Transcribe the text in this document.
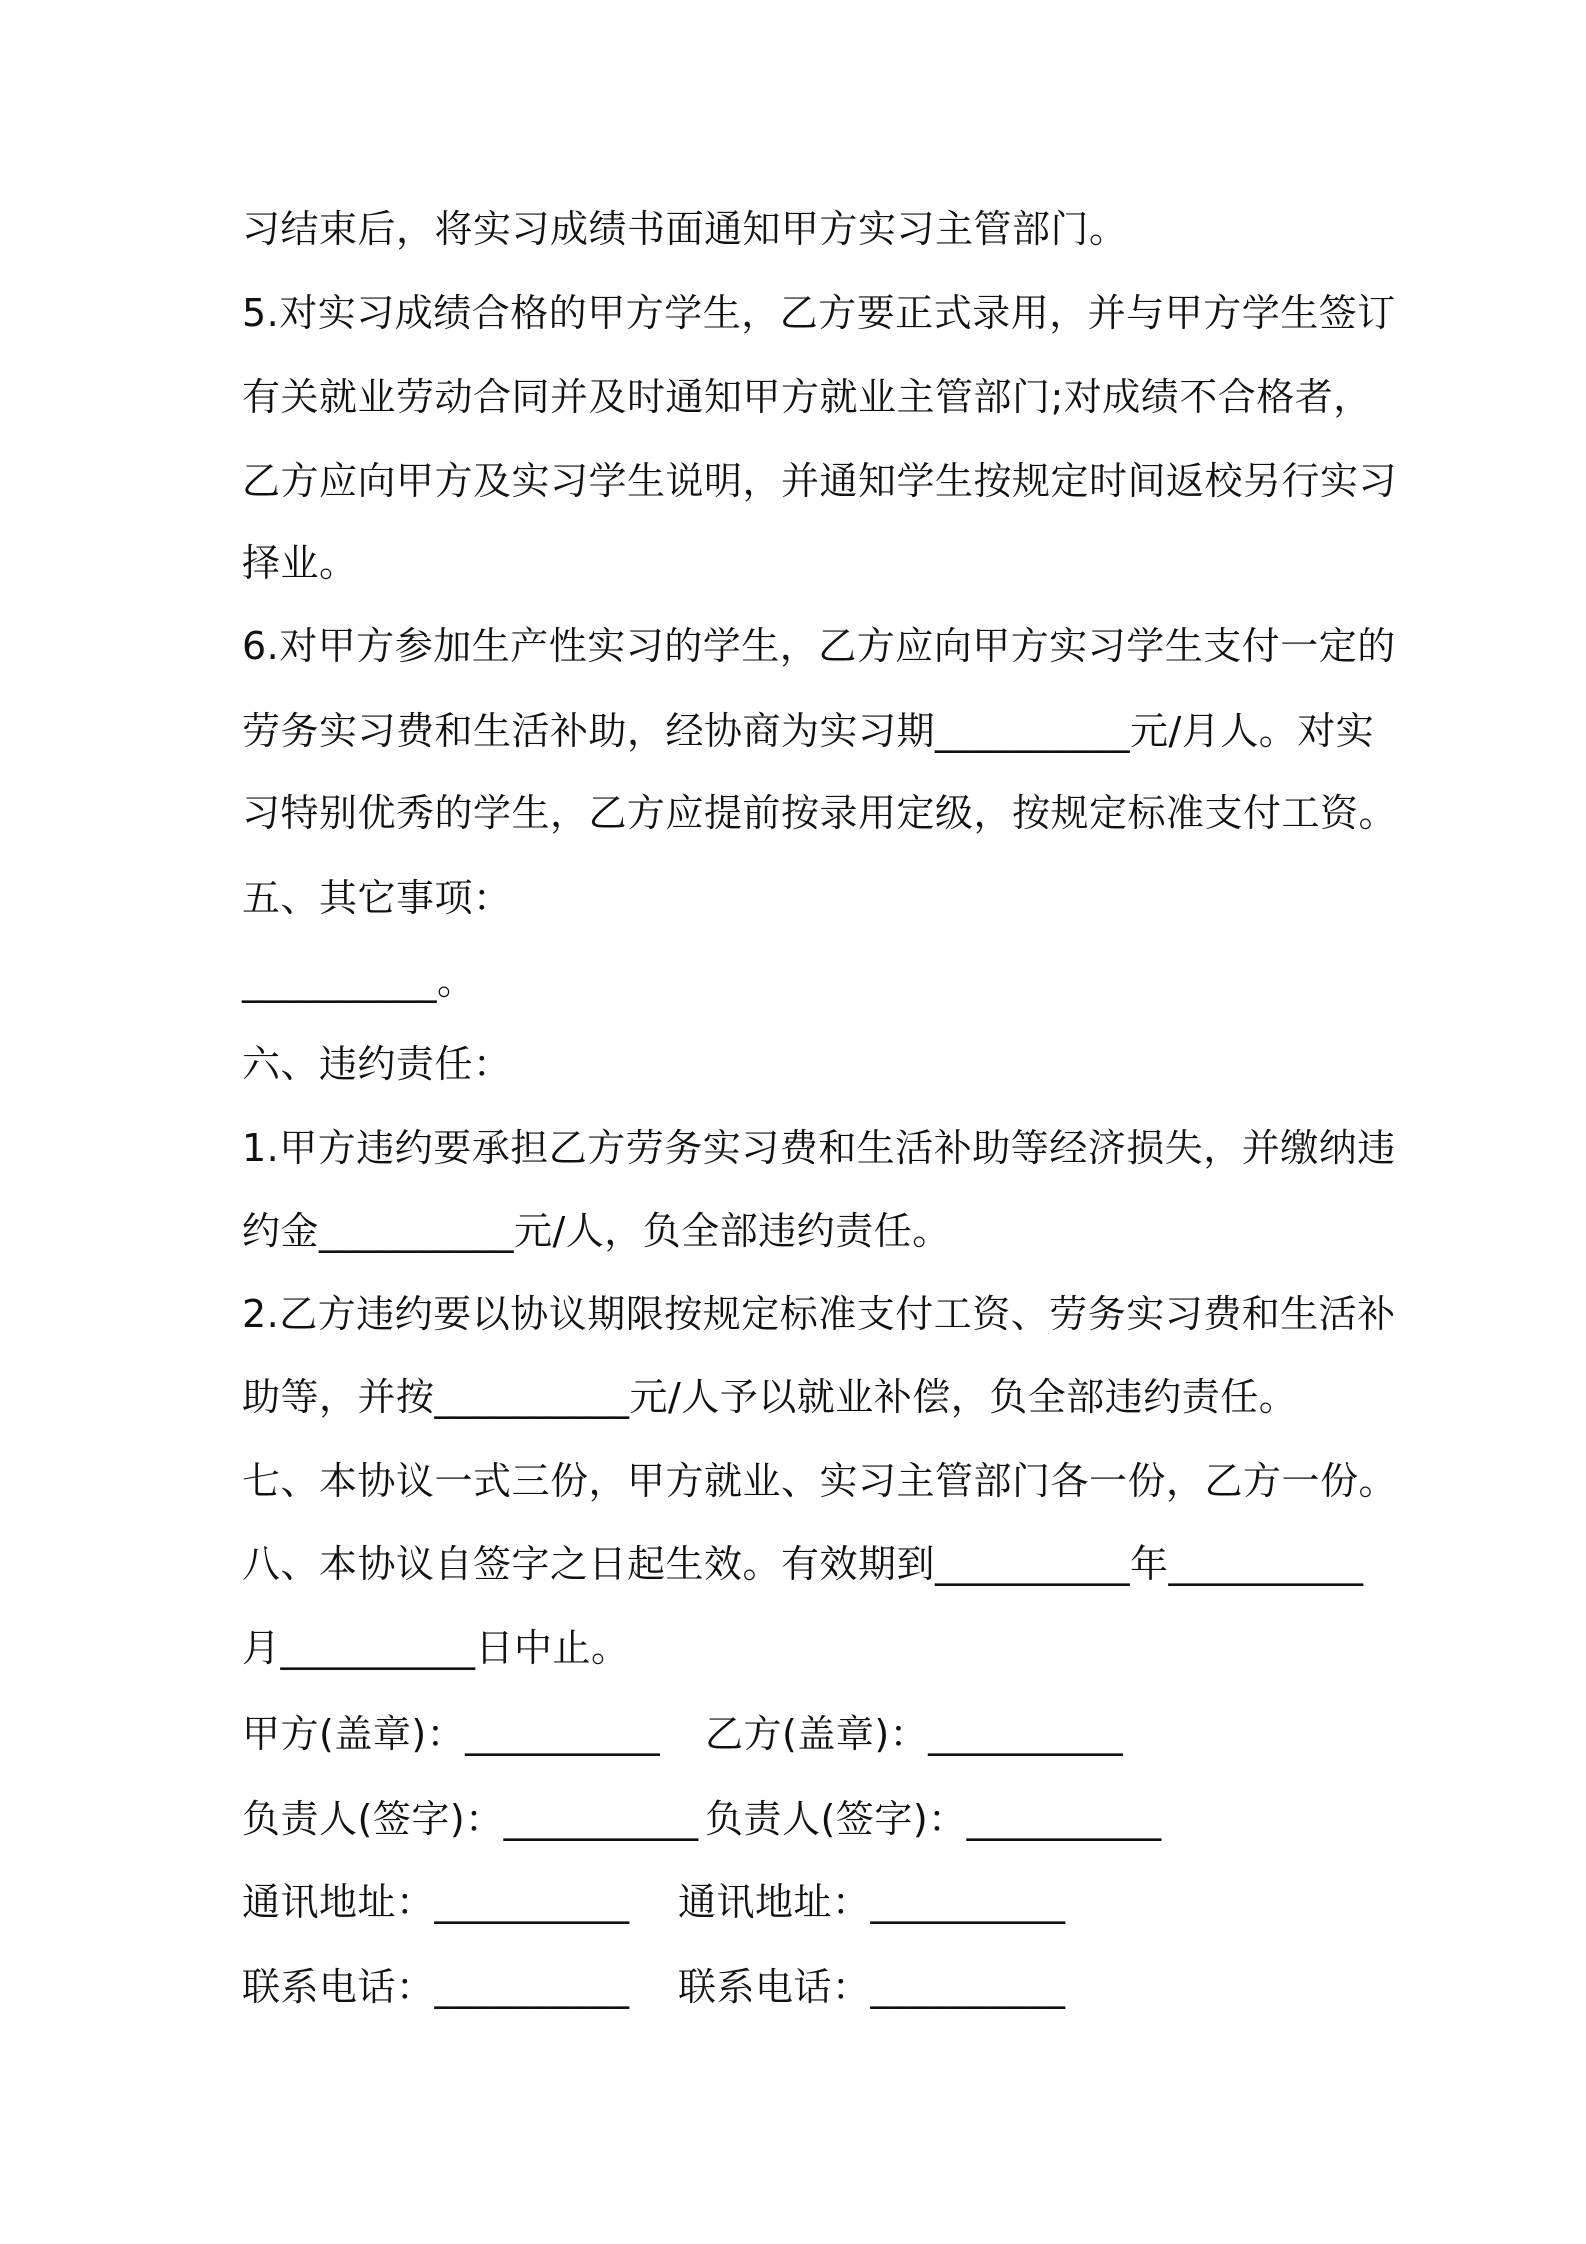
习结束后，将实习成绩书面通知甲方实习主管部门。
5.对实习成绩合格的甲方学生，乙方要正式录用，并与甲方学生签订
有关就业劳动合同并及时通知甲方就业主管部门;对成绩不合格者，
乙方应向甲方及实习学生说明，并通知学生按规定时间返校另行实习
择业。
6.对甲方参加生产性实习的学生，乙方应向甲方实习学生支付一定的
劳务实习费和生活补助，经协商为实习期__________元/月人。对实
习特别优秀的学生，乙方应提前按录用定级，按规定标准支付工资。
五、其它事项：
__________。
六、违约责任：
1.甲方违约要承担乙方劳务实习费和生活补助等经济损失，并缴纳违
约金__________元/人，负全部违约责任。
2.乙方违约要以协议期限按规定标准支付工资、劳务实习费和生活补
助等，并按__________元/人予以就业补偿，负全部违约责任。
七、本协议一式三份，甲方就业、实习主管部门各一份，乙方一份。
八、本协议自签字之日起生效。有效期到__________年__________
月__________日中止。
甲方(盖章)：__________ 乙方(盖章)：__________
负责人(签字)：__________ 负责人(签字)：__________
通讯地址：__________ 通讯地址：__________
联系电话：__________ 联系电话：__________
